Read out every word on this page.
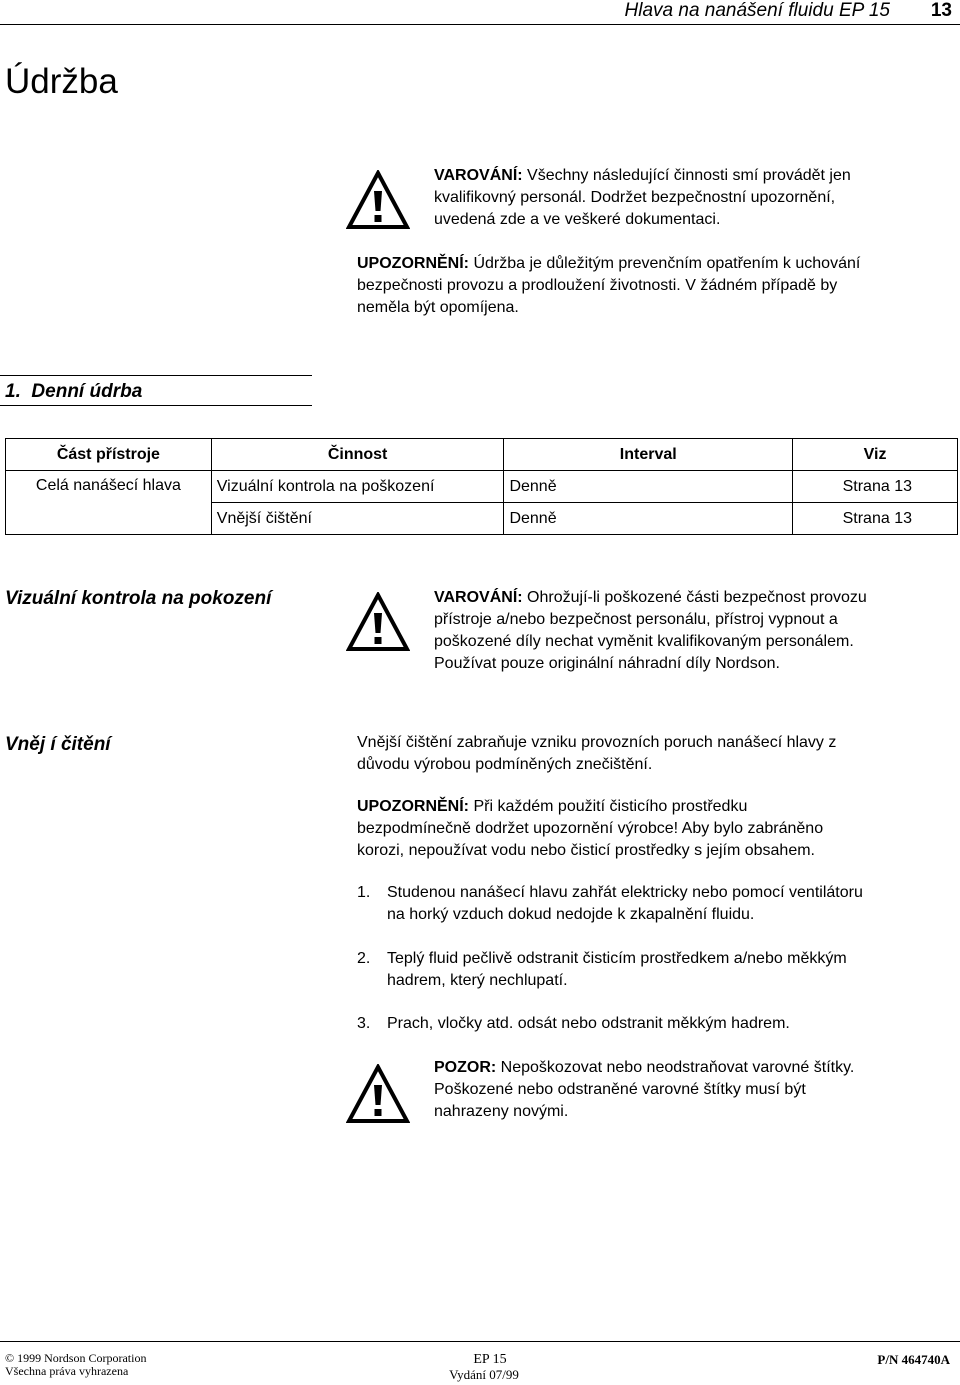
Hlava na nanášení fluidu EP 15 13
Údržba
VAROVÁNÍ: Všechny následující činnosti smí provádět jen
kvalifikovný personál. Dodržet bezpečnostní upozornění,
uvedená zde a ve veškeré dokumentaci.
UPOZORNĚNÍ: Údržba je důležitým prevenčním opatřením k uchování
bezpečnosti provozu a prodloužení životnosti. V žádném případě by
neměla být opomíjena.
1. Denní údrba
Část přístroje	Činnost	Interval	Viz
Celá nanášecí hlava	Vizuální kontrola na poškození	Denně	Strana 13
	Vnější čištění	Denně	Strana 13
Vizuální kontrola na pokození	VAROVÁNÍ: Ohrožují-li poškozené části bezpečnost provozu
přístroje a/nebo bezpečnost personálu, přístroj vypnout a
poškozené díly nechat vyměnit kvalifikovaným personálem.
Používat pouze originální náhradní díly Nordson.
Vněj í čitění	Vnější čištění zabraňuje vzniku provozních poruch nanášecí hlavy z
důvodu výrobou podmíněných znečištění.
UPOZORNĚNÍ: Při každém použití čisticího prostředku
bezpodmínečně dodržet upozornění výrobce! Aby bylo zabráněno
korozi, nepoužívat vodu nebo čisticí prostředky s jejím obsahem.
1. Studenou nanášecí hlavu zahřát elektricky nebo pomocí ventilátoru
na horký vzduch dokud nedojde k zkapalnění fluidu.
2. Teplý fluid pečlivě odstranit čisticím prostředkem a/nebo měkkým
hadrem, který nechlupatí.
3. Prach, vločky atd. odsát nebo odstranit měkkým hadrem.
POZOR: Nepoškozovat nebo neodstraňovat varovné štítky.
Poškozené nebo odstraněné varovné štítky musí být
nahrazeny novými.
© 1999 Nordson Corporation
Všechna práva vyhrazena
EP 15
Vydání 07/99
P/N 464740A
